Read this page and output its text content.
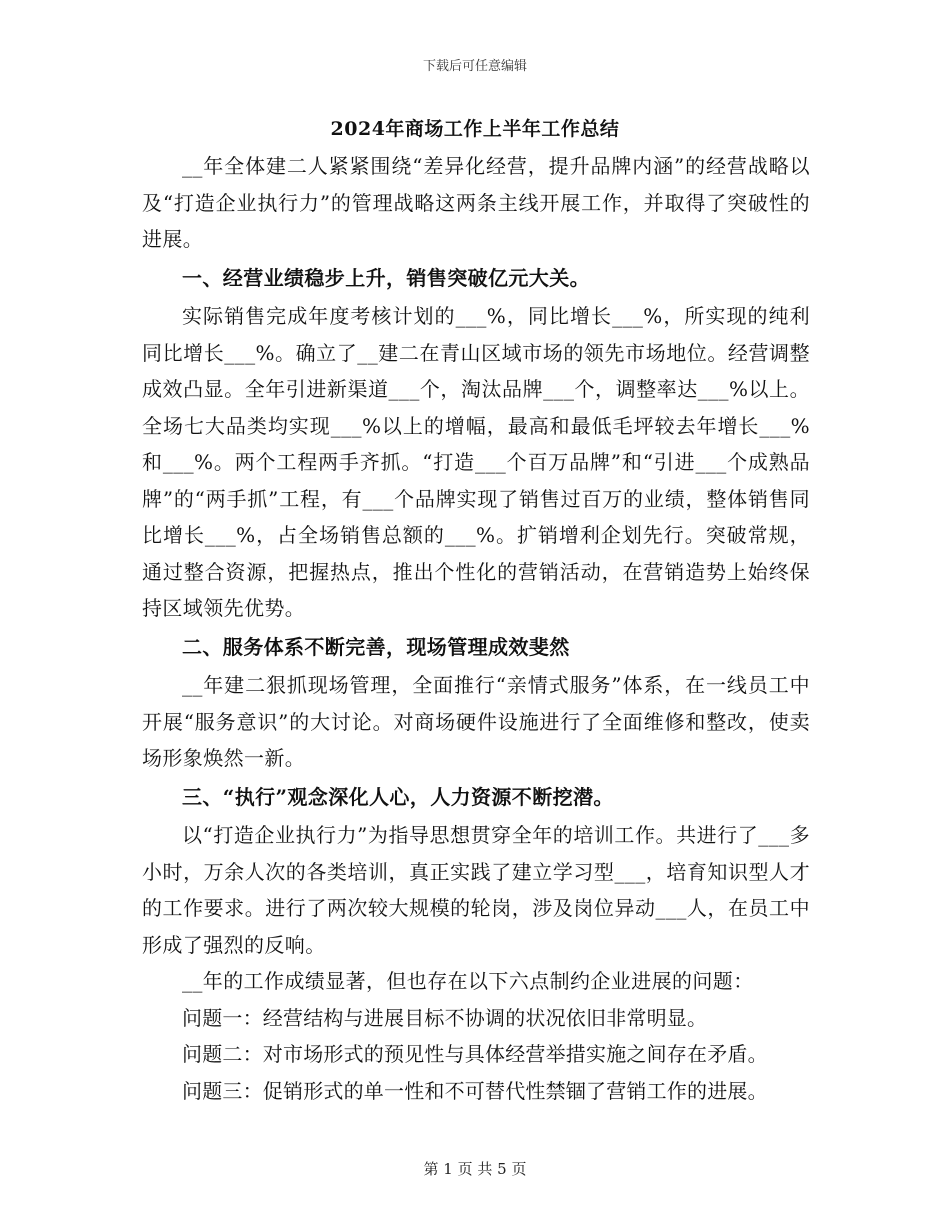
下载后可任意编辑
2024年商场工作上半年工作总结

__年全体建二人紧紧围绕“差异化经营，提升品牌内涵”的经营战略以及“打造企业执行力”的管理战略这两条主线开展工作，并取得了突破性的进展。

一、经营业绩稳步上升，销售突破亿元大关。

实际销售完成年度考核计划的___%，同比增长___%，所实现的纯利同比增长___%。确立了__建二在青山区域市场的领先市场地位。经营调整成效凸显。全年引进新渠道___个，淘汰品牌___个，调整率达___%以上。全场七大品类均实现___%以上的增幅，最高和最低毛坪较去年增长___%和___%。两个工程两手齐抓。“打造___个百万品牌”和“引进___个成熟品牌”的“两手抓”工程，有___个品牌实现了销售过百万的业绩，整体销售同比增长___%，占全场销售总额的___%。扩销增利企划先行。突破常规，通过整合资源，把握热点，推出个性化的营销活动，在营销造势上始终保持区域领先优势。

二、服务体系不断完善，现场管理成效斐然

__年建二狠抓现场管理，全面推行“亲情式服务”体系，在一线员工中开展“服务意识”的大讨论。对商场硬件设施进行了全面维修和整改，使卖场形象焕然一新。

三、“执行”观念深化人心，人力资源不断挖潜。

以“打造企业执行力”为指导思想贯穿全年的培训工作。共进行了___多小时，万余人次的各类培训，真正实践了建立学习型___，培育知识型人才的工作要求。进行了两次较大规模的轮岗，涉及岗位异动___人，在员工中形成了强烈的反响。

__年的工作成绩显著，但也存在以下六点制约企业进展的问题：

问题一：经营结构与进展目标不协调的状况依旧非常明显。

问题二：对市场形式的预见性与具体经营举措实施之间存在矛盾。

问题三：促销形式的单一性和不可替代性禁锢了营销工作的进展。

第 1 页 共 5 页
